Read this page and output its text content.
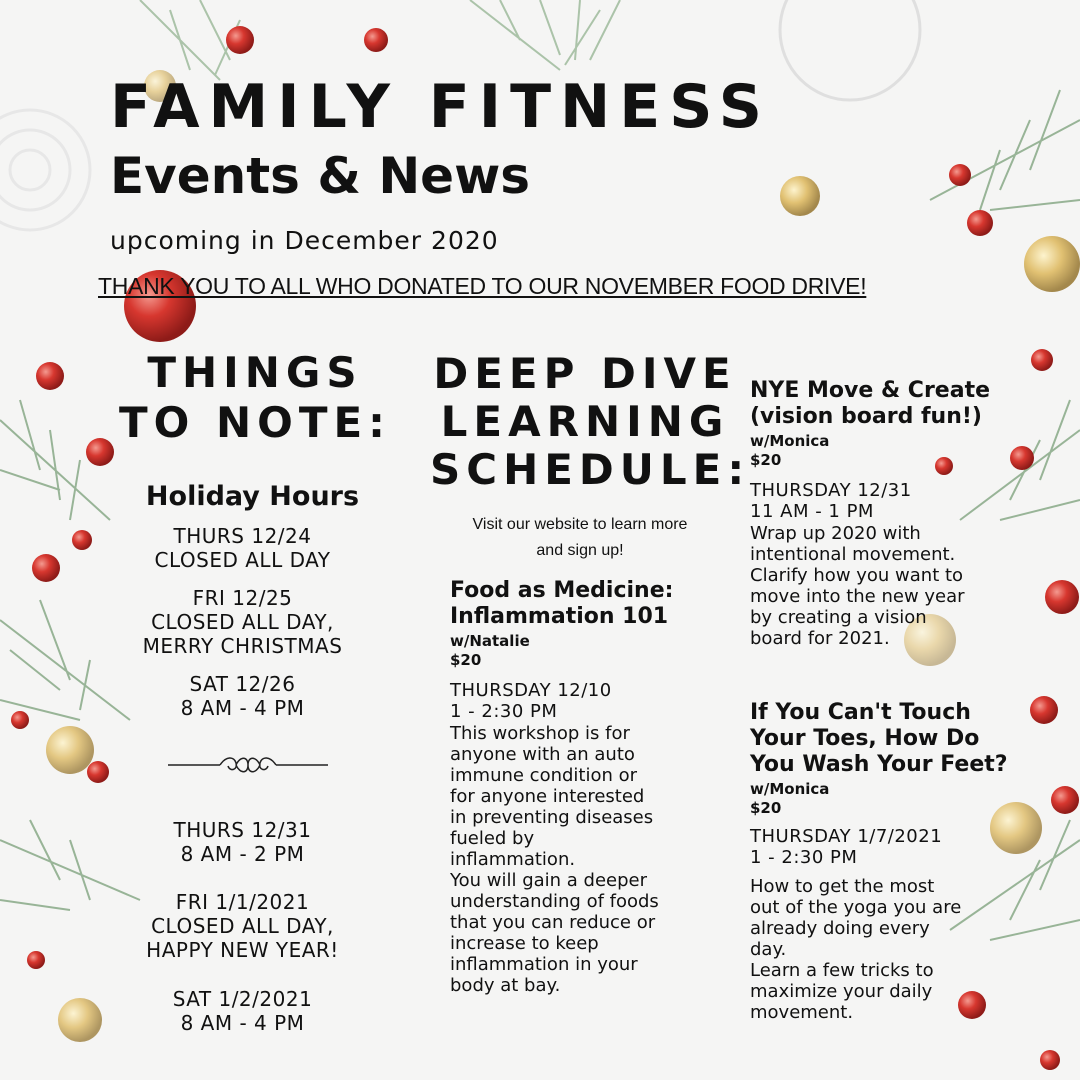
FAMILY FITNESS
Events & News
upcoming in December 2020
THANK YOU TO ALL WHO DONATED TO OUR NOVEMBER FOOD DRIVE!
THINGS
TO NOTE:
Holiday Hours
THURS 12/24
CLOSED ALL DAY
FRI 12/25
CLOSED ALL DAY,
MERRY CHRISTMAS
SAT 12/26
8 AM - 4 PM
THURS 12/31
8 AM - 2 PM
FRI 1/1/2021
CLOSED ALL DAY,
HAPPY NEW YEAR!
SAT 1/2/2021
8 AM - 4 PM
DEEP DIVE
LEARNING
SCHEDULE:
Visit our website to learn more and sign up!
Food as Medicine:
Inflammation 101
w/Natalie
$20
THURSDAY 12/10
1 - 2:30 PM
This workshop is for
anyone with an auto
immune condition or
for anyone interested
in preventing diseases
fueled by
inflammation.
You will gain a deeper
understanding of foods
that you can reduce or
increase to keep
inflammation in your
body at bay.
NYE Move & Create
(vision board fun!)
w/Monica
$20
THURSDAY 12/31
11 AM - 1 PM
Wrap up 2020 with
intentional movement.
Clarify how you want to
move into the new year
by creating a vision
board for 2021.
If You Can't Touch
Your Toes, How Do
You Wash Your Feet?
w/Monica
$20
THURSDAY 1/7/2021
1 - 2:30 PM
How to get the most
out of the yoga you are
already doing every
day.
Learn a few tricks to
maximize your daily
movement.
